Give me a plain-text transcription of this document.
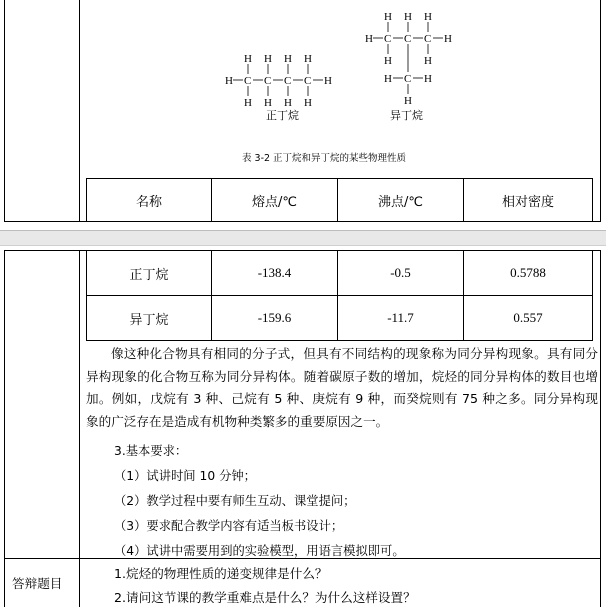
H C C C C H
H H H H
H H H H
正丁烷
H C C C H
H H H
H	H
H C H
H
异丁烷
表 3-2 正丁烷和异丁烷的某些物理性质
名称	熔点/℃	沸点/℃	相对密度
正丁烷	-138.4	-0.5	0.5788
异丁烷	-159.6	-11.7	0.557
像这种化合物具有相同的分子式，但具有不同结构的现象称为同分异构现象。具有同分异构现象的化合物互称为同分异构体。随着碳原子数的增加，烷烃的同分异构体的数目也增加。例如，戊烷有 3 种、己烷有 5 种、庚烷有 9 种，而癸烷则有 75 种之多。同分异构现象的广泛存在是造成有机物种类繁多的重要原因之一。
3.基本要求：
（1）试讲时间 10 分钟；
（2）教学过程中要有师生互动、课堂提问；
（3）要求配合教学内容有适当板书设计；
（4）试讲中需要用到的实验模型，用语言模拟即可。
答辩题目
1.烷烃的物理性质的递变规律是什么？
2.请问这节课的教学重难点是什么？为什么这样设置？
